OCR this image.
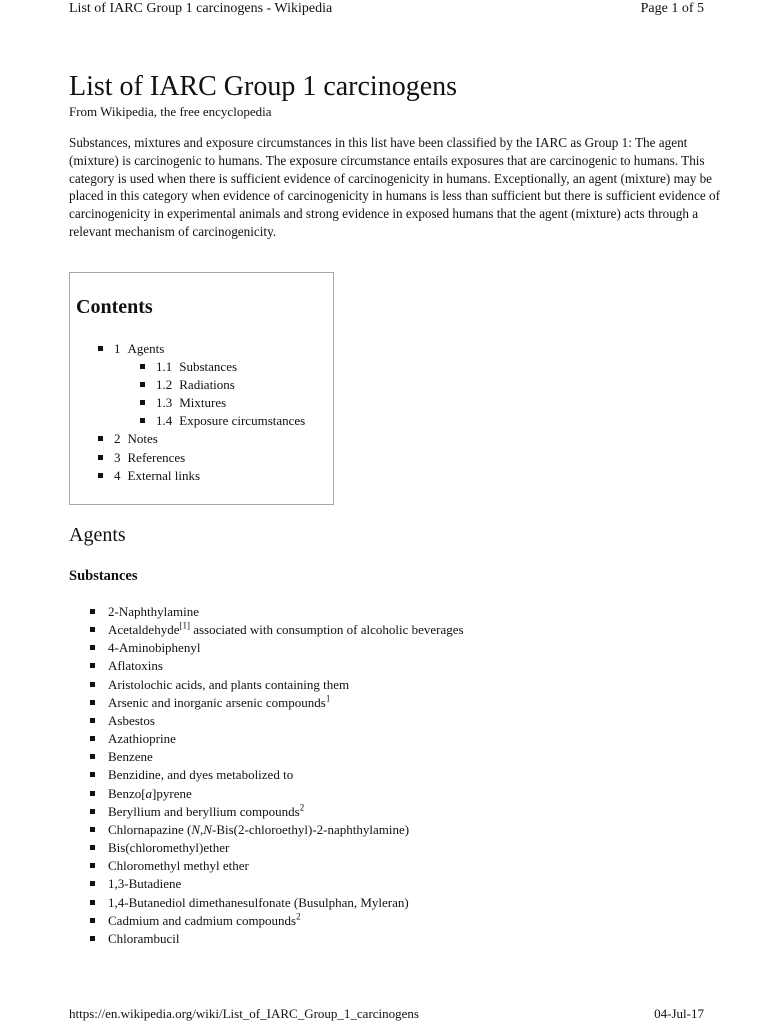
List of IARC Group 1 carcinogens - Wikipedia	Page 1 of 5
List of IARC Group 1 carcinogens
From Wikipedia, the free encyclopedia

Substances, mixtures and exposure circumstances in this list have been classified by the IARC as Group 1: The agent (mixture) is carcinogenic to humans. The exposure circumstance entails exposures that are carcinogenic to humans. This category is used when there is sufficient evidence of carcinogenicity in humans. Exceptionally, an agent (mixture) may be placed in this category when evidence of carcinogenicity in humans is less than sufficient but there is sufficient evidence of carcinogenicity in experimental animals and strong evidence in exposed humans that the agent (mixture) acts through a relevant mechanism of carcinogenicity.

Contents
1 Agents
1.1 Substances
1.2 Radiations
1.3 Mixtures
1.4 Exposure circumstances
2 Notes
3 References
4 External links
Agents
Substances
2-Naphthylamine
Acetaldehyde[1] associated with consumption of alcoholic beverages
4-Aminobiphenyl
Aflatoxins
Aristolochic acids, and plants containing them
Arsenic and inorganic arsenic compounds$^1$
Asbestos
Azathioprine
Benzene
Benzidine, and dyes metabolized to
Benzo[a]pyrene
Beryllium and beryllium compounds$^2$
Chlornapazine (N,N-Bis(2-chloroethyl)-2-naphthylamine)
Bis(chloromethyl)ether
Chloromethyl methyl ether
1,3-Butadiene
1,4-Butanediol dimethanesulfonate (Busulphan, Myleran)
Cadmium and cadmium compounds$^2$
Chlorambucil
https://en.wikipedia.org/wiki/List_of_IARC_Group_1_carcinogens	04-Jul-17
